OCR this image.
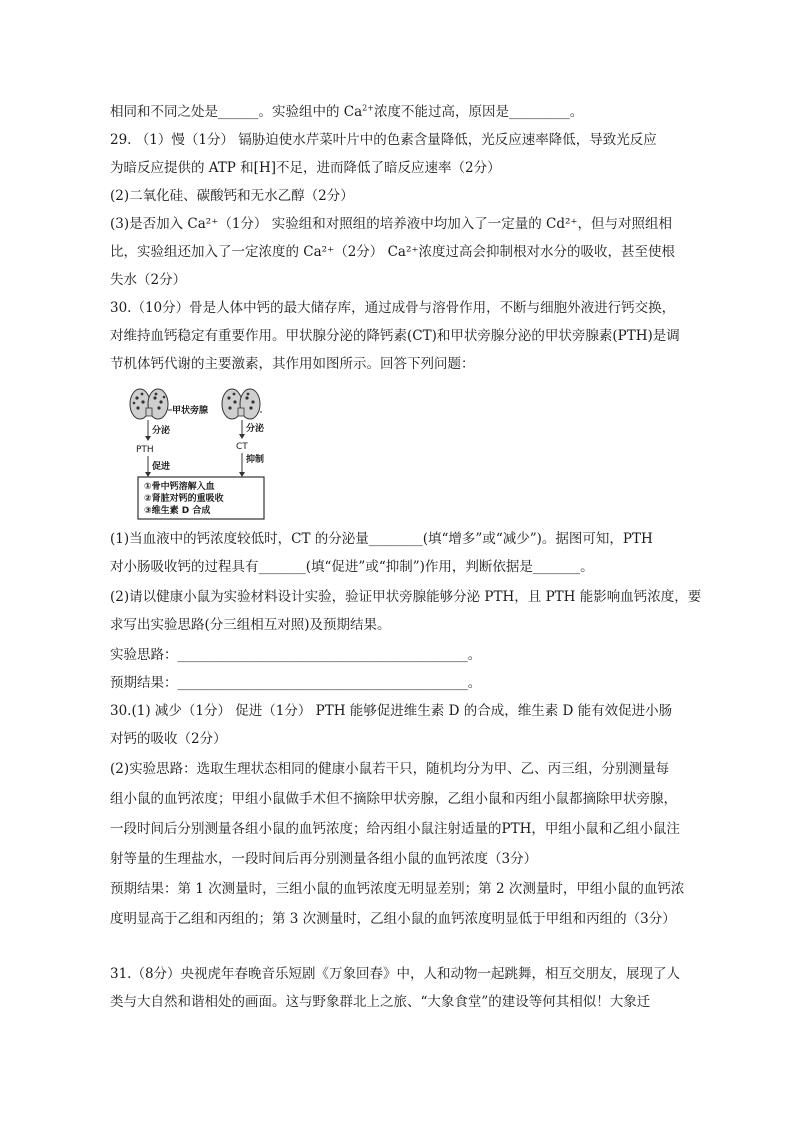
相同和不同之处是______。实验组中的 $Ca^{2+}$浓度不能过高，原因是_________。
29. （1）慢（1分） 镉胁迫使水芹菜叶片中的色素含量降低，光反应速率降低，导致光反应
为暗反应提供的 ATP 和[H]不足，进而降低了暗反应速率（2分）
(2)二氧化硅、碳酸钙和无水乙醇（2分）
(3)是否加入 Ca²⁺（1分） 实验组和对照组的培养液中均加入了一定量的 Cd²⁺，但与对照组相
比，实验组还加入了一定浓度的 Ca²⁺（2分） Ca²⁺浓度过高会抑制根对水分的吸收，甚至使根
失水（2分）
30.（10分）骨是人体中钙的最大储存库，通过成骨与溶骨作用，不断与细胞外液进行钙交换，
对维持血钙稳定有重要作用。甲状腺分泌的降钙素(CT)和甲状旁腺分泌的甲状旁腺素(PTH)是调
节机体钙代谢的主要激素，其作用如图所示。回答下列问题：
甲状旁腺
分泌
PTH
分泌
CT
促进
抑制
①骨中钙溶解入血
②肾脏对钙的重吸收
③维生素 D 合成
(1)当血液中的钙浓度较低时，CT 的分泌量________(填“增多”或“减少”)。据图可知，PTH
对小肠吸收钙的过程具有_______(填“促进”或“抑制”)作用，判断依据是_______。
(2)请以健康小鼠为实验材料设计实验，验证甲状旁腺能够分泌 PTH，且 PTH 能影响血钙浓度，要
求写出实验思路(分三组相互对照)及预期结果。
实验思路：___________________________________________。
预期结果：___________________________________________。
30.(1) 减少（1分） 促进（1分） PTH 能够促进维生素 D 的合成，维生素 D 能有效促进小肠
对钙的吸收（2分）
(2)实验思路：选取生理状态相同的健康小鼠若干只，随机均分为甲、乙、丙三组，分别测量每
组小鼠的血钙浓度；甲组小鼠做手术但不摘除甲状旁腺，乙组小鼠和丙组小鼠都摘除甲状旁腺，
一段时间后分别测量各组小鼠的血钙浓度；给丙组小鼠注射适量的PTH，甲组小鼠和乙组小鼠注
射等量的生理盐水，一段时间后再分别测量各组小鼠的血钙浓度（3分）
预期结果：第 1 次测量时，三组小鼠的血钙浓度无明显差别；第 2 次测量时，甲组小鼠的血钙浓
度明显高于乙组和丙组的；第 3 次测量时，乙组小鼠的血钙浓度明显低于甲组和丙组的（3分）
31.（8分）央视虎年春晚音乐短剧《万象回春》中，人和动物一起跳舞，相互交朋友，展现了人
类与大自然和谐相处的画面。这与野象群北上之旅、“大象食堂”的建设等何其相似！大象迁
